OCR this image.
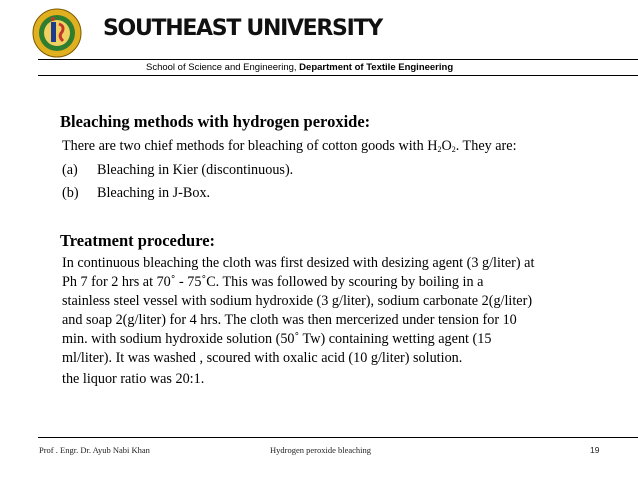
SOUTHEAST UNIVERSITY
School of Science and Engineering, Department of Textile Engineering
Bleaching methods with hydrogen peroxide:
There are two chief methods for bleaching of cotton goods with $H_2O_2$. They are:
(a) Bleaching in Kier (discontinuous).
(b) Bleaching in J-Box.
Treatment procedure:
In continuous bleaching the cloth was first desized with desizing agent (3 g/liter) at
Ph 7 for 2 hrs at 70˚ - 75˚C. This was followed by scouring by boiling in a
stainless steel vessel with sodium hydroxide (3 g/liter), sodium carbonate 2(g/liter)
and soap 2(g/liter) for 4 hrs. The cloth was then mercerized under tension for 10
min. with sodium hydroxide solution (50˚ Tw) containing wetting agent (15
ml/liter). It was washed , scoured with oxalic acid (10 g/liter) solution.
the liquor ratio was 20:1.
Prof . Engr. Dr. Ayub Nabi Khan	Hydrogen peroxide bleaching	19
